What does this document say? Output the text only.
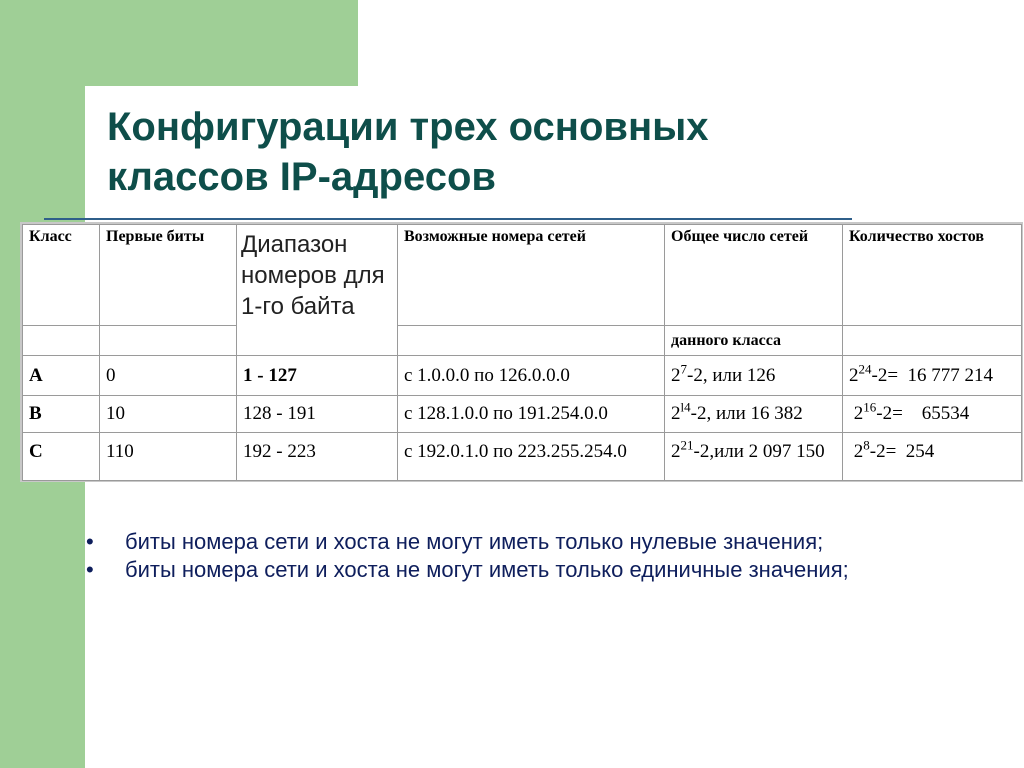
Конфигурации трех основных
классов IP-адресов
Класс	Первые биты	Диапазон номеров для 1-го байта	Возможные номера сетей	Общее число сетей	Количество хостов
				данного класса	
A	0	1 - 127	с 1.0.0.0 по 126.0.0.0	$2^7-2$, или 126	$2^{24}-2= 16$ 777 214
B	10	128 - 191	с 128.1.0.0 по 191.254.0.0	$2^{l4}-2$, или 16 382	$2^{16}-2=$    65534
C	110	192 - 223	с 192.0.1.0 по 223.255.254.0	$2^{21}-2,или$ 2 097 150	$2^8-2= 254$
• биты номера сети и хоста не могут иметь только нулевые значения;
• биты номера сети и хоста не могут иметь только единичные значения;
